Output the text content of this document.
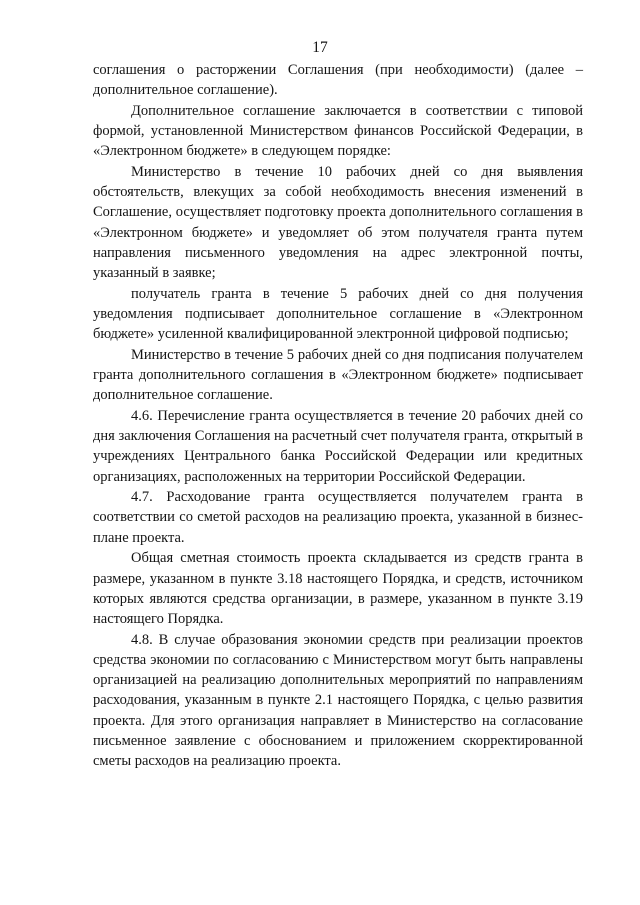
17

соглашения о расторжении Соглашения (при необходимости) (далее – дополнительное соглашение).

Дополнительное соглашение заключается в соответствии с типовой формой, установленной Министерством финансов Российской Федерации, в «Электронном бюджете» в следующем порядке:

Министерство в течение 10 рабочих дней со дня выявления обстоятельств, влекущих за собой необходимость внесения изменений в Соглашение, осуществляет подготовку проекта дополнительного соглашения в «Электронном бюджете» и уведомляет об этом получателя гранта путем направления письменного уведомления на адрес электронной почты, указанный в заявке;

получатель гранта в течение 5 рабочих дней со дня получения уведомления подписывает дополнительное соглашение в «Электронном бюджете» усиленной квалифицированной электронной цифровой подписью;

Министерство в течение 5 рабочих дней со дня подписания получателем гранта дополнительного соглашения в «Электронном бюджете» подписывает дополнительное соглашение.

4.6. Перечисление гранта осуществляется в течение 20 рабочих дней со дня заключения Соглашения на расчетный счет получателя гранта, открытый в учреждениях Центрального банка Российской Федерации или кредитных организациях, расположенных на территории Российской Федерации.

4.7. Расходование гранта осуществляется получателем гранта в соответствии со сметой расходов на реализацию проекта, указанной в бизнес-плане проекта.

Общая сметная стоимость проекта складывается из средств гранта в размере, указанном в пункте 3.18 настоящего Порядка, и средств, источником которых являются средства организации, в размере, указанном в пункте 3.19 настоящего Порядка.

4.8. В случае образования экономии средств при реализации проектов средства экономии по согласованию с Министерством могут быть направлены организацией на реализацию дополнительных мероприятий по направлениям расходования, указанным в пункте 2.1 настоящего Порядка, с целью развития проекта. Для этого организация направляет в Министерство на согласование письменное заявление с обоснованием и приложением скорректированной сметы расходов на реализацию проекта.
